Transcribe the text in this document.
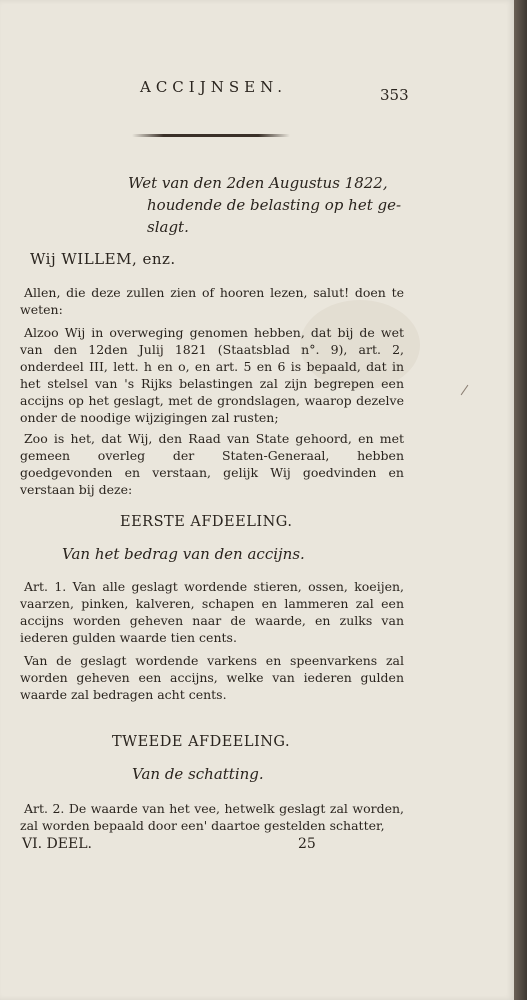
ACCIJNSEN.	353
Wet van den 2den Augustus 1822,
houdende de belasting op het ge-
slagt.
Wij WILLEM, enz.

Allen, die deze zullen zien of hooren lezen, salut! doen te weten:

Alzoo Wij in overweging genomen hebben, dat bij de wet van den 12den Julij 1821 (Staatsblad n°. 9), art. 2, onderdeel III, lett. h en o, en art. 5 en 6 is bepaald, dat in het stelsel van 's Rijks belastingen zal zijn begrepen een accijns op het geslagt, met de grondslagen, waarop dezelve onder de noodige wijzigingen zal rusten;

Zoo is het, dat Wij, den Raad van State gehoord, en met gemeen overleg der Staten-Generaal, hebben goedgevonden en verstaan, gelijk Wij goedvinden en verstaan bij deze:

EERSTE AFDEELING.
Van het bedrag van den accijns.

Art. 1. Van alle geslagt wordende stieren, ossen, koeijen, vaarzen, pinken, kalveren, schapen en lammeren zal een accijns worden geheven naar de waarde, en zulks van iederen gulden waarde tien cents.

Van de geslagt wordende varkens en speenvarkens zal worden geheven een accijns, welke van iederen gulden waarde zal bedragen acht cents.

TWEEDE AFDEELING.
Van de schatting.

Art. 2. De waarde van het vee, hetwelk geslagt zal worden, zal worden bepaald door een' daartoe gestelden schatter,

VI. DEEL.	25
